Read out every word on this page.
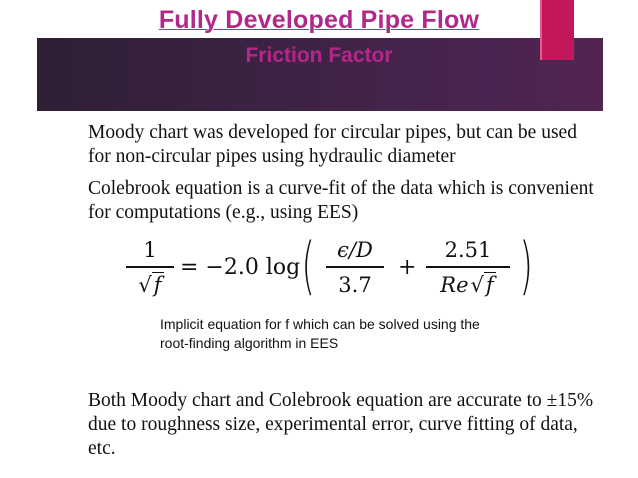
Fully Developed Pipe Flow
Friction Factor
Moody chart was developed for circular pipes, but can be used for non-circular pipes using hydraulic diameter
Colebrook equation is a curve-fit of the data which is convenient for computations (e.g., using EES)
1
√f
= −2.0 log (	ϵ/D
3.7
+
2.51
Re√f )
Implicit equation for f which can be solved using the root-finding algorithm in EES
Both Moody chart and Colebrook equation are accurate to ±15% due to roughness size, experimental error, curve fitting of data, etc.
